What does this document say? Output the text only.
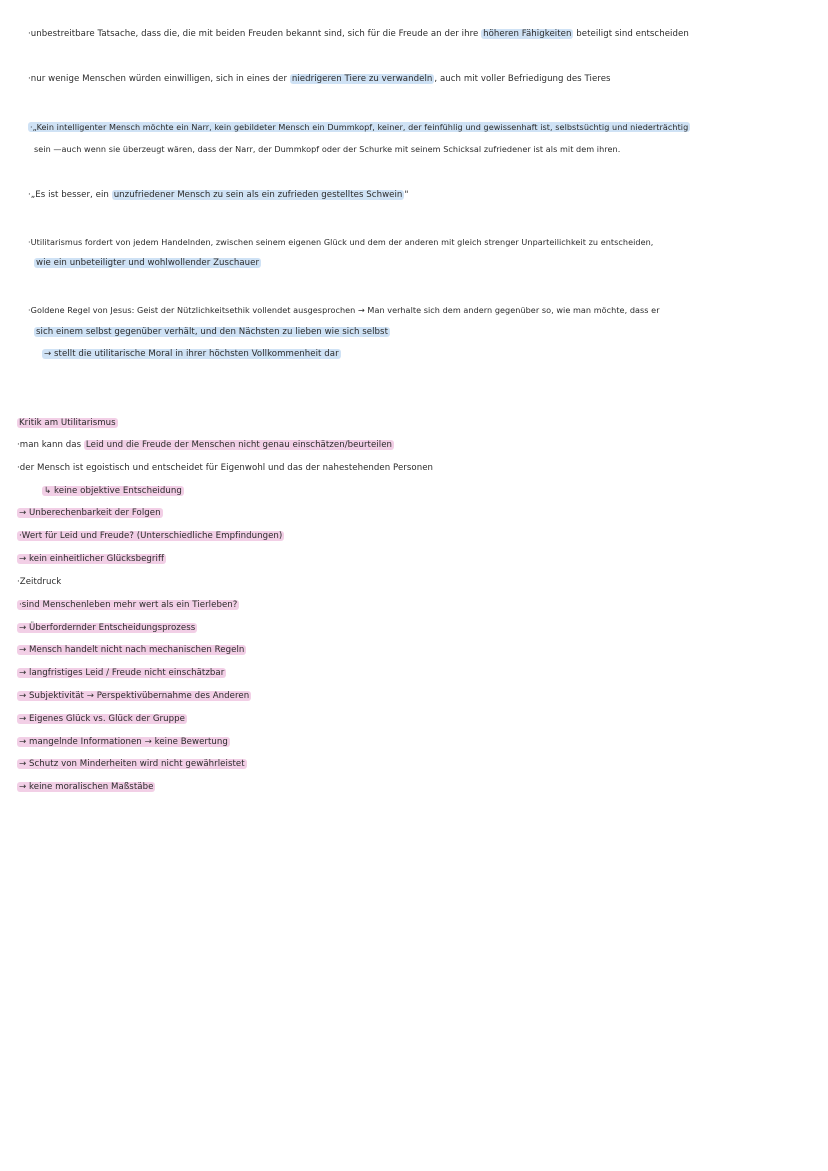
·unbestreitbare Tatsache, dass die, die mit beiden Freuden bekannt sind, sich für die Freude an der ihre höheren Fähigkeiten beteiligt sind entscheiden
·nur wenige Menschen würden einwilligen, sich in eines der niedrigeren Tiere zu verwandeln , auch mit voller Befriedigung des Tieres
·„Kein intelligenter Mensch möchte ein Narr, kein gebildeter Mensch ein Dummkopf, keiner, der feinfühlig und gewissenhaft ist, selbstsüchtig und niederträchtig
sein —auch wenn sie überzeugt wären, dass der Narr, der Dummkopf oder der Schurke mit seinem Schicksal zufriedener ist als mit dem ihren.
·„Es ist besser, ein unzufriedener Mensch zu sein als ein zufrieden gestelltes Schwein "
·Utilitarismus fordert von jedem Handelnden, zwischen seinem eigenen Glück und dem der anderen mit gleich strenger Unparteilichkeit zu entscheiden,
wie ein unbeteiligter und wohlwollender Zuschauer
·Goldene Regel von Jesus: Geist der Nützlichkeitsethik vollendet ausgesprochen → Man verhalte sich dem andern gegenüber so, wie man möchte, dass er
sich einem selbst gegenüber verhält, und den Nächsten zu lieben wie sich selbst
→ stellt die utilitarische Moral in ihrer höchsten Vollkommenheit dar
Kritik am Utilitarismus
·man kann das Leid und die Freude der Menschen nicht genau einschätzen/beurteilen
·der Mensch ist egoistisch und entscheidet für Eigenwohl und das der nahestehenden Personen
↳ keine objektive Entscheidung
→ Unberechenbarkeit der Folgen
·Wert für Leid und Freude? (Unterschiedliche Empfindungen)
→ kein einheitlicher Glücksbegriff
·Zeitdruck
·sind Menschenleben mehr wert als ein Tierleben?
→ Überfordernder Entscheidungsprozess
→ Mensch handelt nicht nach mechanischen Regeln
→ langfristiges Leid / Freude nicht einschätzbar
→ Subjektivität → Perspektivübernahme des Anderen
→ Eigenes Glück vs. Glück der Gruppe
→ mangelnde Informationen → keine Bewertung
→ Schutz von Minderheiten wird nicht gewährleistet
→ keine moralischen Maßstäbe
